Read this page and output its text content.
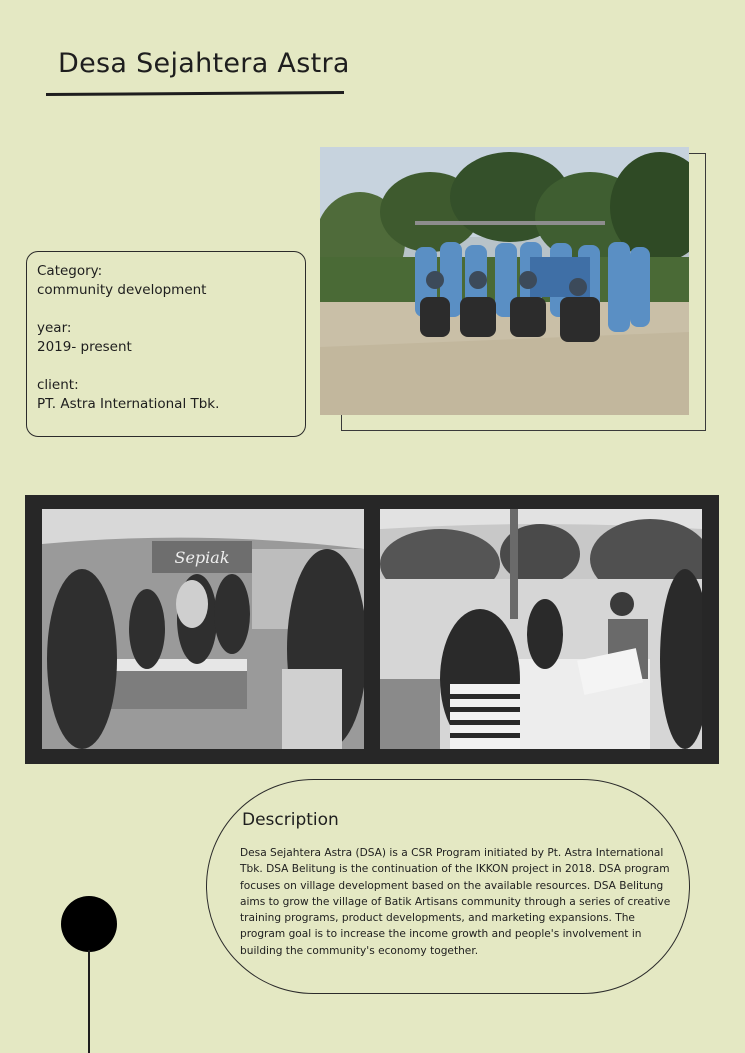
Desa Sejahtera Astra
Category:
community development
year:
2019- present
client:
PT. Astra International Tbk.
Sepiak
Description

Desa Sejahtera Astra (DSA) is a CSR Program initiated by Pt. Astra International Tbk. DSA Belitung is the continuation of the IKKON project in 2018. DSA program focuses on village development based on the available resources. DSA Belitung aims to grow the village of Batik Artisans community through a series of creative training programs, product developments, and marketing expansions. The program goal is to increase the income growth and people's involvement in building the community's economy together.
